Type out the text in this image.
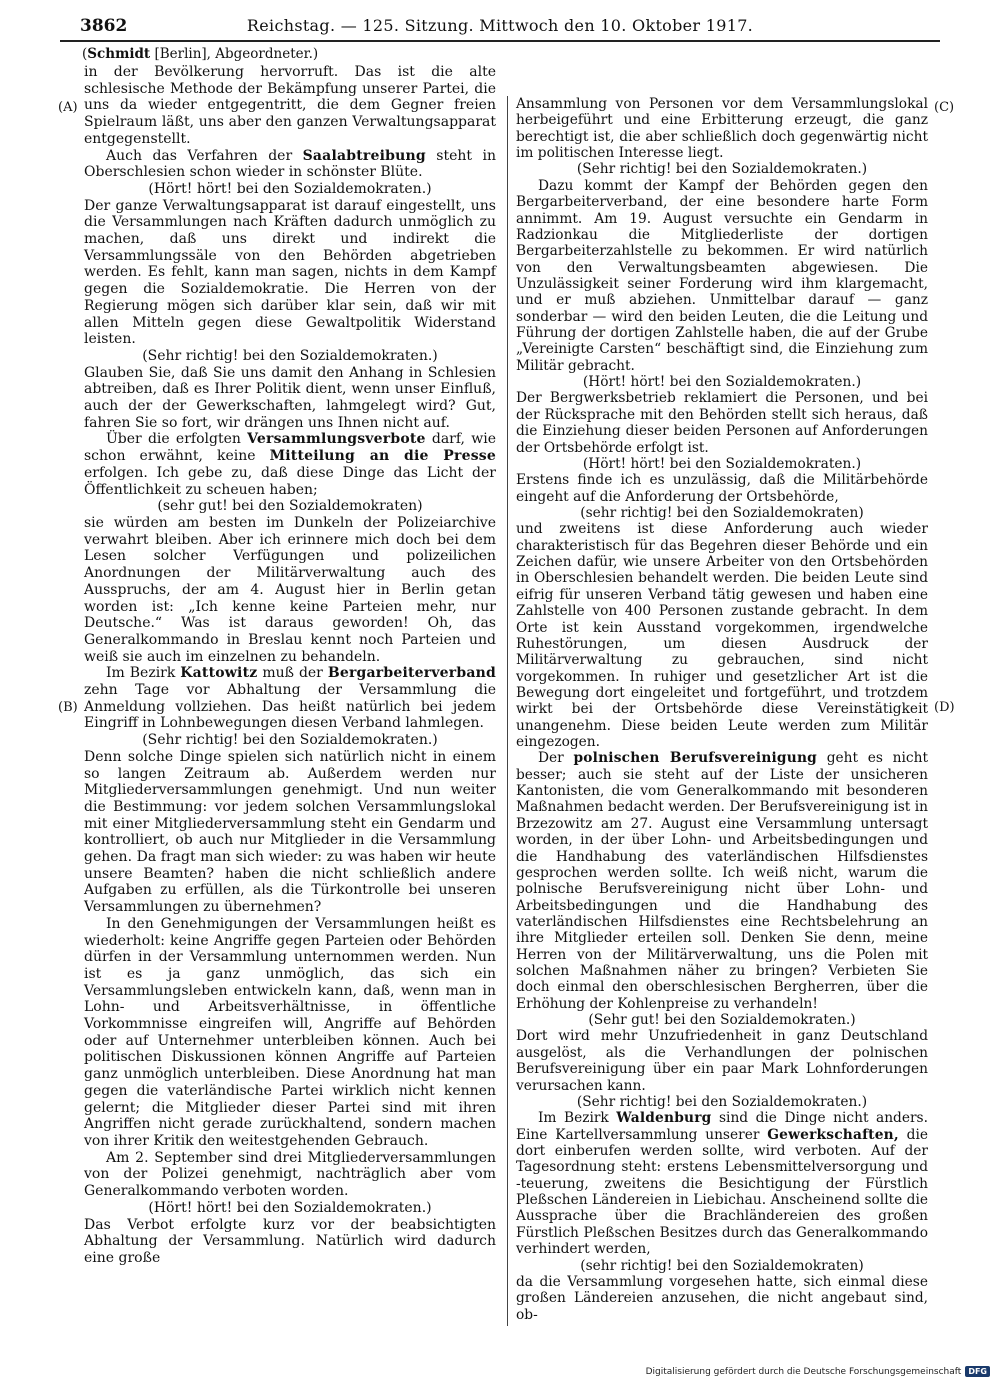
3862	Reichstag. — 125. Sitzung. Mittwoch den 10. Oktober 1917.
(Schmidt [Berlin], Abgeordneter.)
(A)
(B)
(C)
(D)

in der Bevölkerung hervorruft. Das ist die alte schlesische Methode der Bekämpfung unserer Partei, die uns da wieder entgegentritt, die dem Gegner freien Spielraum läßt, uns aber den ganzen Verwaltungsapparat entgegenstellt.

Auch das Verfahren der Saalabtreibung steht in Oberschlesien schon wieder in schönster Blüte.

(Hört! hört! bei den Sozialdemokraten.)

Der ganze Verwaltungsapparat ist darauf eingestellt, uns die Versammlungen nach Kräften dadurch unmöglich zu machen, daß uns direkt und indirekt die Versammlungssäle von den Behörden abgetrieben werden. Es fehlt, kann man sagen, nichts in dem Kampf gegen die Sozialdemokratie. Die Herren von der Regierung mögen sich darüber klar sein, daß wir mit allen Mitteln gegen diese Gewaltpolitik Widerstand leisten.

(Sehr richtig! bei den Sozialdemokraten.)

Glauben Sie, daß Sie uns damit den Anhang in Schlesien abtreiben, daß es Ihrer Politik dient, wenn unser Einfluß, auch der der Gewerkschaften, lahmgelegt wird? Gut, fahren Sie so fort, wir drängen uns Ihnen nicht auf.

Über die erfolgten Versammlungsverbote darf, wie schon erwähnt, keine Mitteilung an die Presse erfolgen. Ich gebe zu, daß diese Dinge das Licht der Öffentlichkeit zu scheuen haben;

(sehr gut! bei den Sozialdemokraten)

sie würden am besten im Dunkeln der Polizeiarchive verwahrt bleiben. Aber ich erinnere mich doch bei dem Lesen solcher Verfügungen und polizeilichen Anordnungen der Militärverwaltung auch des Ausspruchs, der am 4. August hier in Berlin getan worden ist: „Ich kenne keine Parteien mehr, nur Deutsche.“ Was ist daraus geworden! Oh, das Generalkommando in Breslau kennt noch Parteien und weiß sie auch im einzelnen zu behandeln.

Im Bezirk Kattowitz muß der Bergarbeiterverband zehn Tage vor Abhaltung der Versammlung die Anmeldung vollziehen. Das heißt natürlich bei jedem Eingriff in Lohnbewegungen diesen Verband lahmlegen.

(Sehr richtig! bei den Sozialdemokraten.)

Denn solche Dinge spielen sich natürlich nicht in einem so langen Zeitraum ab. Außerdem werden nur Mitgliederversammlungen genehmigt. Und nun weiter die Bestimmung: vor jedem solchen Versammlungslokal mit einer Mitgliederversammlung steht ein Gendarm und kontrolliert, ob auch nur Mitglieder in die Versammlung gehen. Da fragt man sich wieder: zu was haben wir heute unsere Beamten? haben die nicht schließlich andere Aufgaben zu erfüllen, als die Türkontrolle bei unseren Versammlungen zu übernehmen?

In den Genehmigungen der Versammlungen heißt es wiederholt: keine Angriffe gegen Parteien oder Behörden dürfen in der Versammlung unternommen werden. Nun ist es ja ganz unmöglich, das sich ein Versammlungsleben entwickeln kann, daß, wenn man in Lohn- und Arbeitsverhältnisse, in öffentliche Vorkommnisse eingreifen will, Angriffe auf Behörden oder auf Unternehmer unterbleiben können. Auch bei politischen Diskussionen können Angriffe auf Parteien ganz unmöglich unterbleiben. Diese Anordnung hat man gegen die vaterländische Partei wirklich nicht kennen gelernt; die Mitglieder dieser Partei sind mit ihren Angriffen nicht gerade zurückhaltend, sondern machen von ihrer Kritik den weitestgehenden Gebrauch.

Am 2. September sind drei Mitgliederversammlungen von der Polizei genehmigt, nachträglich aber vom Generalkommando verboten worden.

(Hört! hört! bei den Sozialdemokraten.)

Das Verbot erfolgte kurz vor der beabsichtigten Abhaltung der Versammlung. Natürlich wird dadurch eine große

Ansammlung von Personen vor dem Versammlungslokal herbeigeführt und eine Erbitterung erzeugt, die ganz berechtigt ist, die aber schließlich doch gegenwärtig nicht im politischen Interesse liegt.

(Sehr richtig! bei den Sozialdemokraten.)

Dazu kommt der Kampf der Behörden gegen den Bergarbeiterverband, der eine besondere harte Form annimmt. Am 19. August versuchte ein Gendarm in Radzionkau die Mitgliederliste der dortigen Bergarbeiterzahlstelle zu bekommen. Er wird natürlich von den Verwaltungsbeamten abgewiesen. Die Unzulässigkeit seiner Forderung wird ihm klargemacht, und er muß abziehen. Unmittelbar darauf — ganz sonderbar — wird den beiden Leuten, die die Leitung und Führung der dortigen Zahlstelle haben, die auf der Grube „Vereinigte Carsten“ beschäftigt sind, die Einziehung zum Militär gebracht.

(Hört! hört! bei den Sozialdemokraten.)

Der Bergwerksbetrieb reklamiert die Personen, und bei der Rücksprache mit den Behörden stellt sich heraus, daß die Einziehung dieser beiden Personen auf Anforderungen der Ortsbehörde erfolgt ist.

(Hört! hört! bei den Sozialdemokraten.)

Erstens finde ich es unzulässig, daß die Militärbehörde eingeht auf die Anforderung der Ortsbehörde,

(sehr richtig! bei den Sozialdemokraten)

und zweitens ist diese Anforderung auch wieder charakteristisch für das Begehren dieser Behörde und ein Zeichen dafür, wie unsere Arbeiter von den Ortsbehörden in Oberschlesien behandelt werden. Die beiden Leute sind eifrig für unseren Verband tätig gewesen und haben eine Zahlstelle von 400 Personen zustande gebracht. In dem Orte ist kein Ausstand vorgekommen, irgendwelche Ruhestörungen, um diesen Ausdruck der Militärverwaltung zu gebrauchen, sind nicht vorgekommen. In ruhiger und gesetzlicher Art ist die Bewegung dort eingeleitet und fortgeführt, und trotzdem wirkt bei der Ortsbehörde diese Vereinstätigkeit unangenehm. Diese beiden Leute werden zum Militär eingezogen.

Der polnischen Berufsvereinigung geht es nicht besser; auch sie steht auf der Liste der unsicheren Kantonisten, die vom Generalkommando mit besonderen Maßnahmen bedacht werden. Der Berufsvereinigung ist in Brzezowitz am 27. August eine Versammlung untersagt worden, in der über Lohn- und Arbeitsbedingungen und die Handhabung des vaterländischen Hilfsdienstes gesprochen werden sollte. Ich weiß nicht, warum die polnische Berufsvereinigung nicht über Lohn- und Arbeitsbedingungen und die Handhabung des vaterländischen Hilfsdienstes eine Rechtsbelehrung an ihre Mitglieder erteilen soll. Denken Sie denn, meine Herren von der Militärverwaltung, uns die Polen mit solchen Maßnahmen näher zu bringen? Verbieten Sie doch einmal den oberschlesischen Bergherren, über die Erhöhung der Kohlenpreise zu verhandeln!

(Sehr gut! bei den Sozialdemokraten.)

Dort wird mehr Unzufriedenheit in ganz Deutschland ausgelöst, als die Verhandlungen der polnischen Berufsvereinigung über ein paar Mark Lohnforderungen verursachen kann.

(Sehr richtig! bei den Sozialdemokraten.)

Im Bezirk Waldenburg sind die Dinge nicht anders. Eine Kartellversammlung unserer Gewerkschaften, die dort einberufen werden sollte, wird verboten. Auf der Tagesordnung steht: erstens Lebensmittelversorgung und -teuerung, zweitens die Besichtigung der Fürstlich Pleßschen Ländereien in Liebichau. Anscheinend sollte die Aussprache über die Brachländereien des großen Fürstlich Pleßschen Besitzes durch das Generalkommando verhindert werden,

(sehr richtig! bei den Sozialdemokraten)

da die Versammlung vorgesehen hatte, sich einmal diese großen Ländereien anzusehen, die nicht angebaut sind, ob-

Digitalisierung gefördert durch die Deutsche Forschungsgemeinschaft DFG
